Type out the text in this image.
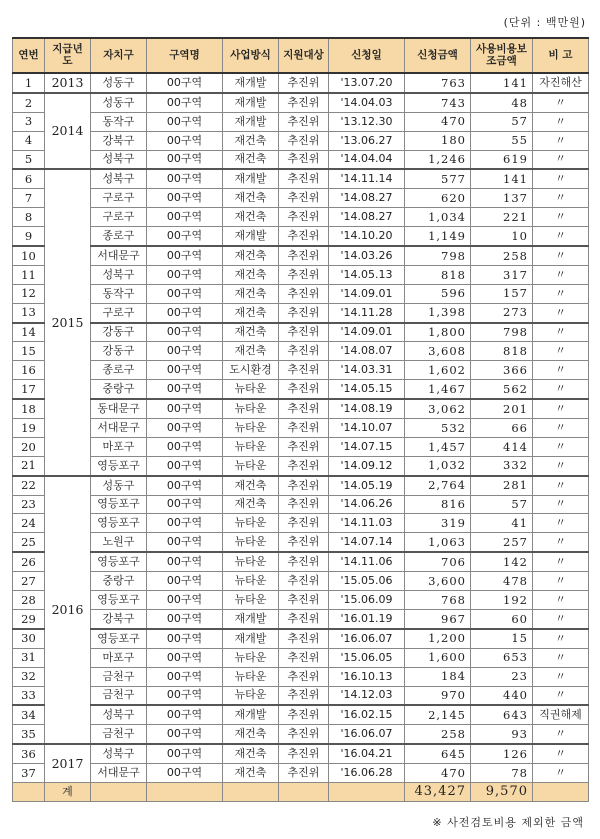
(단위 : 백만원)
연번	지급년도	자치구	구역명	사업방식	지원대상	신청일	신청금액	사용비용보조금액	비 고
1	2013	성동구	00구역	재개발	추진위	'13.07.20	763	141	자진해산
2	2014	성동구	00구역	재개발	추진위	'14.04.03	743	48	〃
3		동작구	00구역	재개발	추진위	'13.12.30	470	57	〃
4		강북구	00구역	재건축	추진위	'13.06.27	180	55	〃
5		성북구	00구역	재건축	추진위	'14.04.04	1,246	619	〃
6	2015	성북구	00구역	재개발	추진위	'14.11.14	577	141	〃
7		구로구	00구역	재건축	추진위	'14.08.27	620	137	〃
8		구로구	00구역	재건축	추진위	'14.08.27	1,034	221	〃
9		종로구	00구역	재개발	추진위	'14.10.20	1,149	10	〃
10		서대문구	00구역	재건축	추진위	'14.03.26	798	258	〃
11		성북구	00구역	재건축	추진위	'14.05.13	818	317	〃
12		동작구	00구역	재건축	추진위	'14.09.01	596	157	〃
13		구로구	00구역	재건축	추진위	'14.11.28	1,398	273	〃
14		강동구	00구역	재건축	추진위	'14.09.01	1,800	798	〃
15		강동구	00구역	재건축	추진위	'14.08.07	3,608	818	〃
16		종로구	00구역	도시환경	추진위	'14.03.31	1,602	366	〃
17		중랑구	00구역	뉴타운	추진위	'14.05.15	1,467	562	〃
18		동대문구	00구역	뉴타운	추진위	'14.08.19	3,062	201	〃
19		서대문구	00구역	뉴타운	추진위	'14.10.07	532	66	〃
20		마포구	00구역	뉴타운	추진위	'14.07.15	1,457	414	〃
21		영등포구	00구역	뉴타운	추진위	'14.09.12	1,032	332	〃
22	2016	성동구	00구역	재건축	추진위	'14.05.19	2,764	281	〃
23		영등포구	00구역	재건축	추진위	'14.06.26	816	57	〃
24		영등포구	00구역	뉴타운	추진위	'14.11.03	319	41	〃
25		노원구	00구역	뉴타운	추진위	'14.07.14	1,063	257	〃
26		영등포구	00구역	뉴타운	추진위	'14.11.06	706	142	〃
27		중랑구	00구역	뉴타운	추진위	'15.05.06	3,600	478	〃
28		영등포구	00구역	뉴타운	추진위	'15.06.09	768	192	〃
29		강북구	00구역	재개발	추진위	'16.01.19	967	60	〃
30		영등포구	00구역	재개발	추진위	'16.06.07	1,200	15	〃
31		마포구	00구역	뉴타운	추진위	'15.06.05	1,600	653	〃
32		금천구	00구역	뉴타운	추진위	'16.10.13	184	23	〃
33		금천구	00구역	뉴타운	추진위	'14.12.03	970	440	〃
34		성북구	00구역	재개발	추진위	'16.02.15	2,145	643	직권해제
35		금천구	00구역	재건축	추진위	'16.06.07	258	93	〃
36	2017	성북구	00구역	재건축	추진위	'16.04.21	645	126	〃
37		서대문구	00구역	재건축	추진위	'16.06.28	470	78	〃
	계						43,427	9,570	
※ 사전검토비용 제외한 금액
